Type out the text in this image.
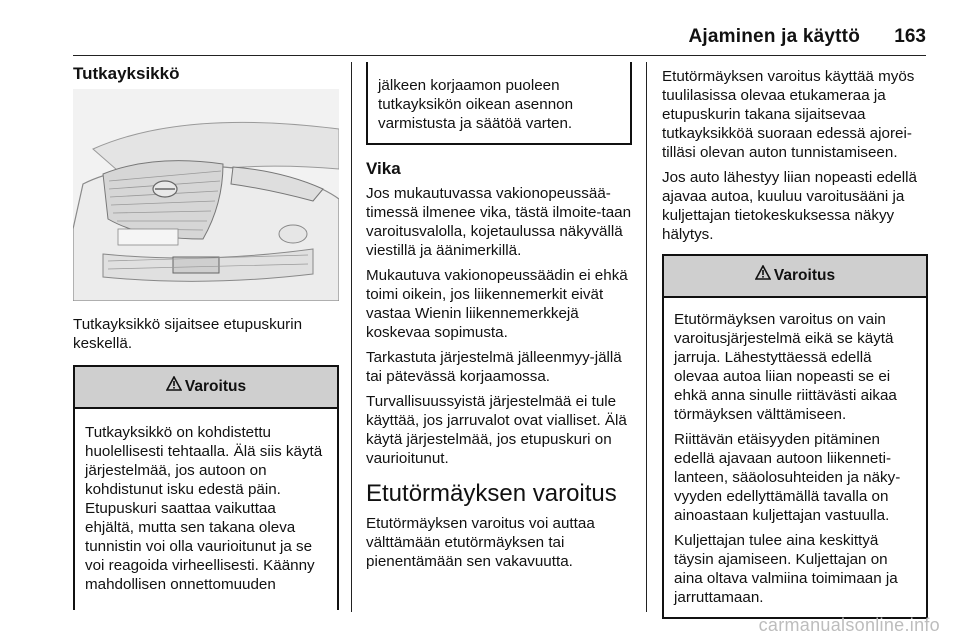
Ajaminen ja käyttö 163
Tutkayksikkö

Tutkayksikkö sijaitsee etupuskurin keskellä.

Varoitus

Tutkayksikkö on kohdistettu huolellisesti tehtaalla. Älä siis käytä järjestelmää, jos autoon on kohdistunut isku edestä päin. Etupuskuri saattaa vaikuttaa ehjältä, mutta sen takana oleva tunnistin voi olla vaurioitunut ja se voi reagoida virheellisesti. Käänny mahdollisen onnettomuuden

jälkeen korjaamon puoleen tutkayksikön oikean asennon varmistusta ja säätöä varten.

Vika

Jos mukautuvassa vakionopeussää-timessä ilmenee vika, tästä ilmoite-taan varoitusvalolla, kojetaulussa näkyvällä viestillä ja äänimerkillä.

Mukautuva vakionopeussäädin ei ehkä toimi oikein, jos liikennemerkit eivät vastaa Wienin liikennemerkkejä koskevaa sopimusta.

Tarkastuta järjestelmä jälleenmyy-jällä tai pätevässä korjaamossa.

Turvallisuussyistä järjestelmää ei tule käyttää, jos jarruvalot ovat vialliset. Älä käytä järjestelmää, jos etupuskuri on vaurioitunut.

Etutörmäyksen varoitus

Etutörmäyksen varoitus voi auttaa välttämään etutörmäyksen tai pienentämään sen vakavuutta.

Etutörmäyksen varoitus käyttää myös tuulilasissa olevaa etukameraa ja etupuskurin takana sijaitsevaa tutkayksikköä suoraan edessä ajorei-tilläsi olevan auton tunnistamiseen.

Jos auto lähestyy liian nopeasti edellä ajavaa autoa, kuuluu varoitusääni ja kuljettajan tietokeskuksessa näkyy hälytys.

Varoitus

Etutörmäyksen varoitus on vain varoitusjärjestelmä eikä se käytä jarruja. Lähestyttäessä edellä olevaa autoa liian nopeasti se ei ehkä anna sinulle riittävästi aikaa törmäyksen välttämiseen.

Riittävän etäisyyden pitäminen edellä ajavaan autoon liikenneti-lanteen, sääolosuhteiden ja näky-vyyden edellyttämällä tavalla on ainoastaan kuljettajan vastuulla.

Kuljettajan tulee aina keskittyä täysin ajamiseen. Kuljettajan on aina oltava valmiina toimimaan ja jarruttamaan.

carmanualsonline.info
